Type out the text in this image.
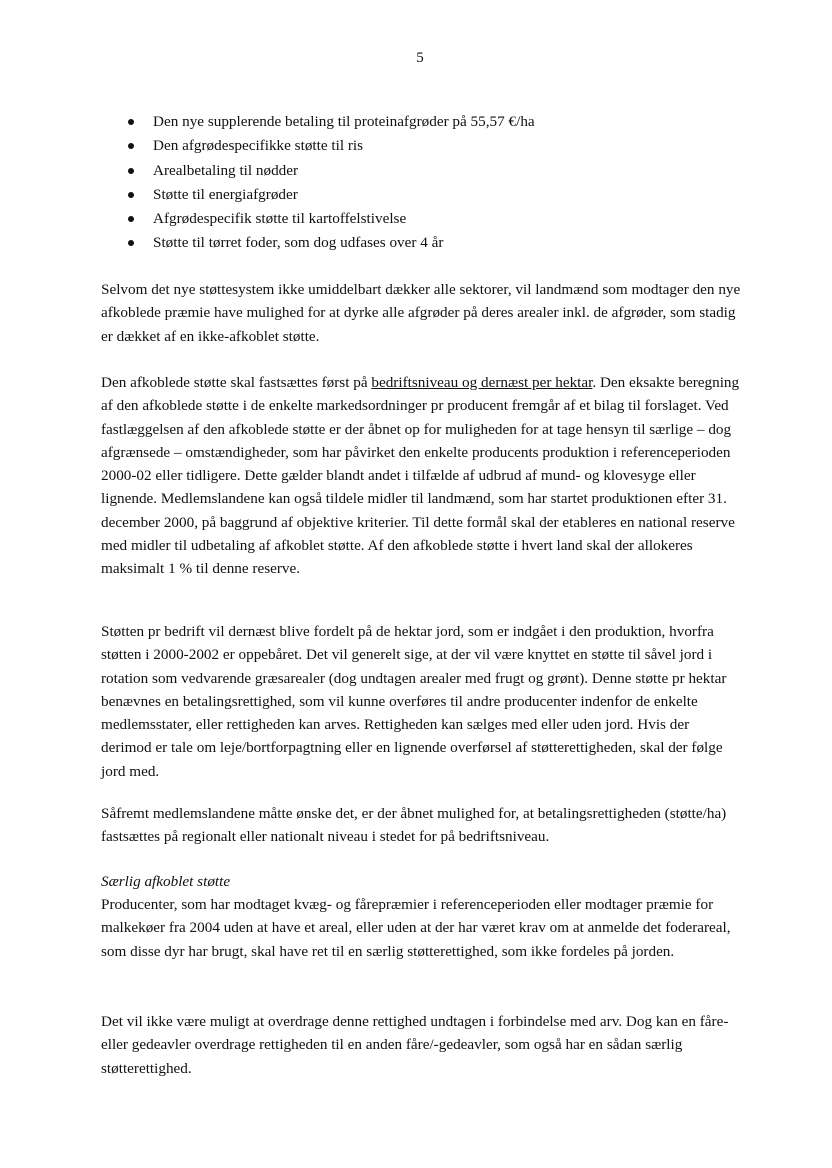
5
Den nye supplerende betaling til proteinafgrøder på 55,57 €/ha
Den afgrødespecifikke støtte til ris
Arealbetaling til nødder
Støtte til energiafgrøder
Afgrødespecifik støtte til kartoffelstivelse
Støtte til tørret foder, som dog udfases over 4 år

Selvom det nye støttesystem ikke umiddelbart dækker alle sektorer, vil landmænd som modtager den nye afkoblede præmie have mulighed for at dyrke alle afgrøder på deres arealer inkl. de afgrøder, som stadig er dækket af en ikke-afkoblet støtte.

Den afkoblede støtte skal fastsættes først på bedriftsniveau og dernæst per hektar. Den eksakte beregning af den afkoblede støtte i de enkelte markedsordninger pr producent fremgår af et bilag til forslaget. Ved fastlæggelsen af den afkoblede støtte er der åbnet op for muligheden for at tage hensyn til særlige – dog afgrænsede – omstændigheder, som har påvirket den enkelte producents produktion i referenceperioden 2000-02 eller tidligere. Dette gælder blandt andet i tilfælde af udbrud af mund- og klovesyge eller lignende. Medlemslandene kan også tildele midler til landmænd, som har startet produktionen efter 31. december 2000, på baggrund af objektive kriterier. Til dette formål skal der etableres en national reserve med midler til udbetaling af afkoblet støtte. Af den afkoblede støtte i hvert land skal der allokeres maksimalt 1 % til denne reserve.

Støtten pr bedrift vil dernæst blive fordelt på de hektar jord, som er indgået i den produktion, hvorfra støtten i 2000-2002 er oppebåret. Det vil generelt sige, at der vil være knyttet en støtte til såvel jord i rotation som vedvarende græsarealer (dog undtagen arealer med frugt og grønt). Denne støtte pr hektar benævnes en betalingsrettighed, som vil kunne overføres til andre producenter indenfor de enkelte medlemsstater, eller rettigheden kan arves. Rettigheden kan sælges med eller uden jord. Hvis der derimod er tale om leje/bortforpagtning eller en lignende overførsel af støtterettigheden, skal der følge jord med.

Såfremt medlemslandene måtte ønske det, er der åbnet mulighed for, at betalingsrettigheden (støtte/ha) fastsættes på regionalt eller nationalt niveau i stedet for på bedriftsniveau.

Særlig afkoblet støtte

Producenter, som har modtaget kvæg- og fårepræmier i referenceperioden eller modtager præmie for malkekøer fra 2004 uden at have et areal, eller uden at der har været krav om at anmelde det foderareal, som disse dyr har brugt, skal have ret til en særlig støtterettighed, som ikke fordeles på jorden.

Det vil ikke være muligt at overdrage denne rettighed undtagen i forbindelse med arv. Dog kan en fåre- eller gedeavler overdrage rettigheden til en anden fåre/-gedeavler, som også har en sådan særlig støtterettighed.
